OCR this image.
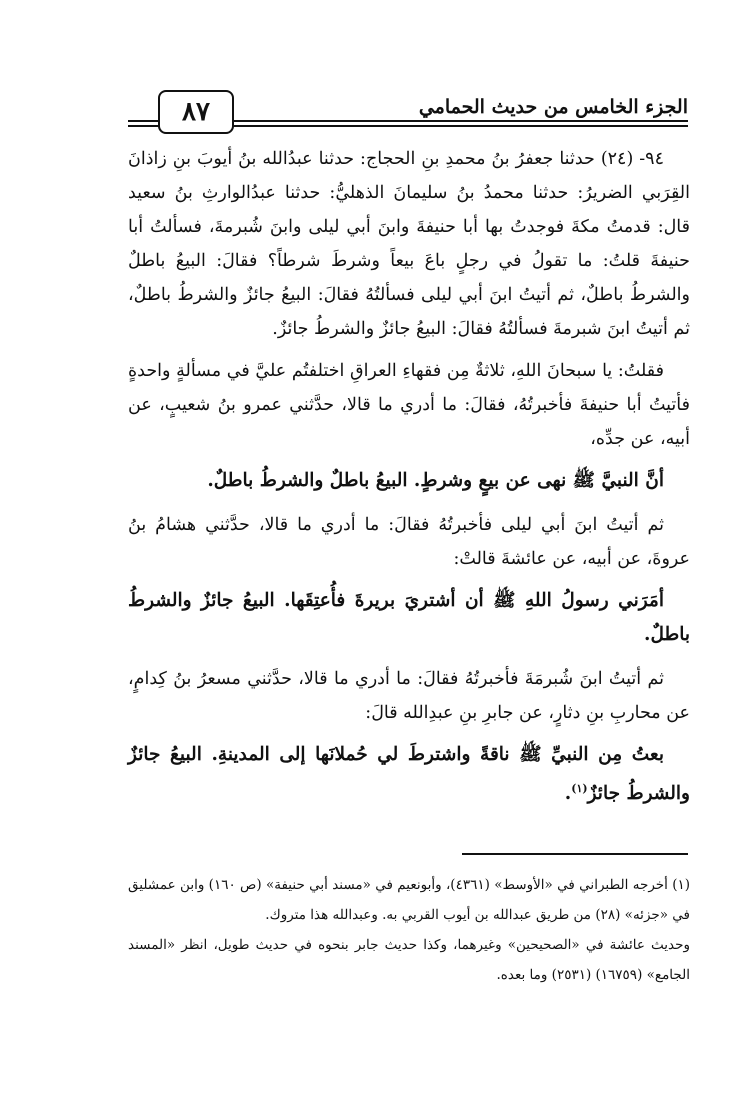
٨٧	الجزء الخامس من حديث الحمامي

٩٤- (٢٤) حدثنا جعفرُ بنُ محمدِ بنِ الحجاج: حدثنا عبدُالله بنُ أيوبَ بنِ زاذانَ القِرَبي الضريرُ: حدثنا محمدُ بنُ سليمانَ الذهليُّ: حدثنا عبدُالوارثِ بنُ سعيد قال: قدمتُ مكةَ فوجدتُ بها أبا حنيفةَ وابنَ أبي ليلى وابنَ شُبرمةَ، فسألتُ أبا حنيفةَ قلتُ: ما تقولُ في رجلٍ باعَ بيعاً وشرطَ شرطاً؟ فقالَ: البيعُ باطلٌ والشرطُ باطلٌ، ثم أتيتُ ابنَ أبي ليلى فسألتُهُ فقالَ: البيعُ جائزٌ والشرطُ باطلٌ، ثم أتيتُ ابنَ شبرمةَ فسألتُهُ فقالَ: البيعُ جائزٌ والشرطُ جائزٌ.

فقلتُ: يا سبحانَ اللهِ، ثلاثةٌ مِن فقهاءِ العراقِ اختلفتُم عليَّ في مسألةٍ واحدةٍ فأتيتُ أبا حنيفةَ فأخبرتُهُ، فقالَ: ما أدري ما قالا، حدَّثني عمرو بنُ شعيبٍ، عن أبيه، عن جدِّه،

أنَّ النبيَّ ﷺ نهى عن بيعٍ وشرطٍ. البيعُ باطلٌ والشرطُ باطلٌ.

ثم أتيتُ ابنَ أبي ليلى فأخبرتُهُ فقالَ: ما أدري ما قالا، حدَّثني هشامُ بنُ عروةَ، عن أبيه، عن عائشةَ قالتْ:

أمَرَني رسولُ اللهِ ﷺ أن أشتريَ بريرةَ فأُعتِقَها. البيعُ جائزٌ والشرطُ باطلٌ.

ثم أتيتُ ابنَ شُبرمَةَ فأخبرتُهُ فقالَ: ما أدري ما قالا، حدَّثني مسعرُ بنُ كِدامٍ، عن محاربِ بنِ دثارٍ، عن جابرِ بنِ عبدِالله قالَ:

بعتُ مِن النبيِّ ﷺ ناقةً واشترطَ لي حُملانَها إلى المدينةِ. البيعُ جائزٌ والشرطُ جائزٌ$^{(١)}$.

(١) أخرجه الطبراني في «الأوسط» (٤٣٦١)، وأبونعيم في «مسند أبي حنيفة» (ص ١٦٠) وابن عمشليق في «جزئه» (٢٨) من طريق عبدالله بن أيوب القربي به. وعبدالله هذا متروك.

وحديث عائشة في «الصحيحين» وغيرهما، وكذا حديث جابر بنحوه في حديث طويل، انظر «المسند الجامع» (١٦٧٥٩) (٢٥٣١) وما بعده.
